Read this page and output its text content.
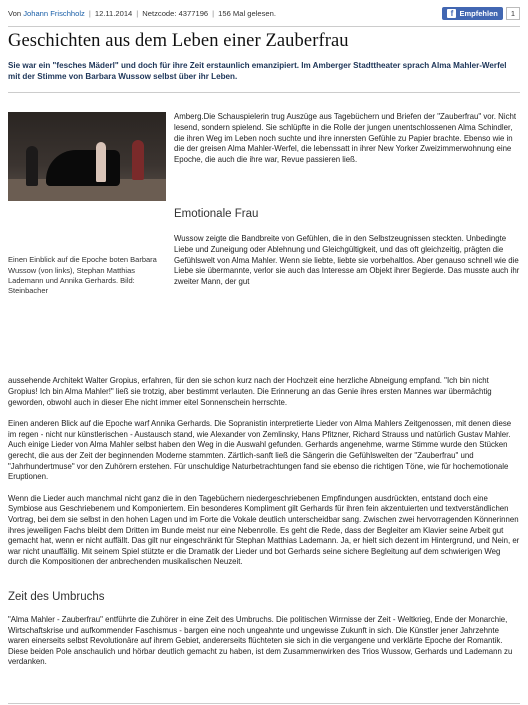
Von
Johann Frischholz | 12.11.2014 | Netzcode: 4377196 | 156 Mal gelesen.	f Empfehlen	1
Geschichten aus dem Leben einer Zauberfrau

Sie war ein "fesches Mäderl" und doch für ihre Zeit erstaunlich emanzipiert. Im Amberger Stadttheater sprach Alma Mahler-Werfel mit der Stimme von Barbara Wussow selbst über ihr Leben.

Einen Einblick auf die Epoche boten Barbara Wussow (von links), Stephan Matthias Lademann und Annika Gerhards. Bild: Steinbacher
Amberg.Die Schauspielerin trug Auszüge aus Tagebüchern und Briefen der "Zauberfrau" vor. Nicht lesend, sondern spielend. Sie schlüpfte in die Rolle der jungen unentschlossenen Alma Schindler, die ihren Weg im Leben noch suchte und ihre innersten Gefühle zu Papier brachte. Ebenso wie in die der greisen Alma Mahler-Werfel, die lebenssatt in ihrer New Yorker Zweizimmerwohnung eine Epoche, die auch die ihre war, Revue passieren ließ.
Emotionale Frau
Wussow zeigte die Bandbreite von Gefühlen, die in den Selbstzeugnissen steckten. Unbedingte Liebe und Zuneigung oder Ablehnung und Gleichgültigkeit, und das oft gleichzeitig, prägten die Gefühlswelt von Alma Mahler. Wenn sie liebte, liebte sie vorbehaltlos. Aber genauso schnell wie die Liebe sie übermannte, verlor sie auch das Interesse am Objekt ihrer Begierde. Das musste auch ihr zweiter Mann, der gut
aussehende Architekt Walter Gropius, erfahren, für den sie schon kurz nach der Hochzeit eine herzliche Abneigung empfand. "Ich bin nicht Gropius! Ich bin Alma Mahler!" ließ sie trotzig, aber bestimmt verlauten. Die Erinnerung an das Genie ihres ersten Mannes war übermächtig geworden, obwohl auch in dieser Ehe nicht immer eitel Sonnenschein herrschte.

Einen anderen Blick auf die Epoche warf Annika Gerhards. Die Sopranistin interpretierte Lieder von Alma Mahlers Zeitgenossen, mit denen diese im regen - nicht nur künstlerischen - Austausch stand, wie Alexander von Zemlinsky, Hans Pfitzner, Richard Strauss und natürlich Gustav Mahler. Auch einige Lieder von Alma Mahler selbst haben den Weg in die Auswahl gefunden. Gerhards angenehme, warme Stimme wurde den Stücken gerecht, die aus der Zeit der beginnenden Moderne stammten. Zärtlich-sanft ließ die Sängerin die Gefühlswelten der "Zauberfrau" und "Jahrhundertmuse" vor den Zuhörern erstehen. Für unschuldige Naturbetrachtungen fand sie ebenso die richtigen Töne, wie für hochemotionale Eruptionen.

Wenn die Lieder auch manchmal nicht ganz die in den Tagebüchern niedergeschriebenen Empfindungen ausdrückten, entstand doch eine Symbiose aus Geschriebenem und Komponiertem. Ein besonderes Kompliment gilt Gerhards für ihren fein akzentuierten und textverständlichen Vortrag, bei dem sie selbst in den hohen Lagen und im Forte die Vokale deutlich unterscheidbar sang. Zwischen zwei hervorragenden Könnerinnen ihres jeweiligen Fachs bleibt dem Dritten im Bunde meist nur eine Nebenrolle. Es geht die Rede, dass der Begleiter am Klavier seine Arbeit gut gemacht hat, wenn er nicht auffällt. Das gilt nur eingeschränkt für Stephan Matthias Lademann. Ja, er hielt sich dezent im Hintergrund, und Nein, er war nicht unauffällig. Mit seinem Spiel stützte er die Dramatik der Lieder und bot Gerhards seine sichere Begleitung auf dem schwierigen Weg durch die Kompositionen der anbrechenden musikalischen Neuzeit.

Zeit des Umbruchs

"Alma Mahler - Zauberfrau" entführte die Zuhörer in eine Zeit des Umbruchs. Die politischen Wirrnisse der Zeit - Weltkrieg, Ende der Monarchie, Wirtschaftskrise und aufkommender Faschismus - bargen eine noch ungeahnte und ungewisse Zukunft in sich. Die Künstler jener Jahrzehnte waren einerseits selbst Revolutionäre auf ihrem Gebiet, andererseits flüchteten sie sich in die vergangene und verklärte Epoche der Romantik. Diese beiden Pole anschaulich und hörbar deutlich gemacht zu haben, ist dem Zusammenwirken des Trios Wussow, Gerhards und Lademann zu verdanken.
